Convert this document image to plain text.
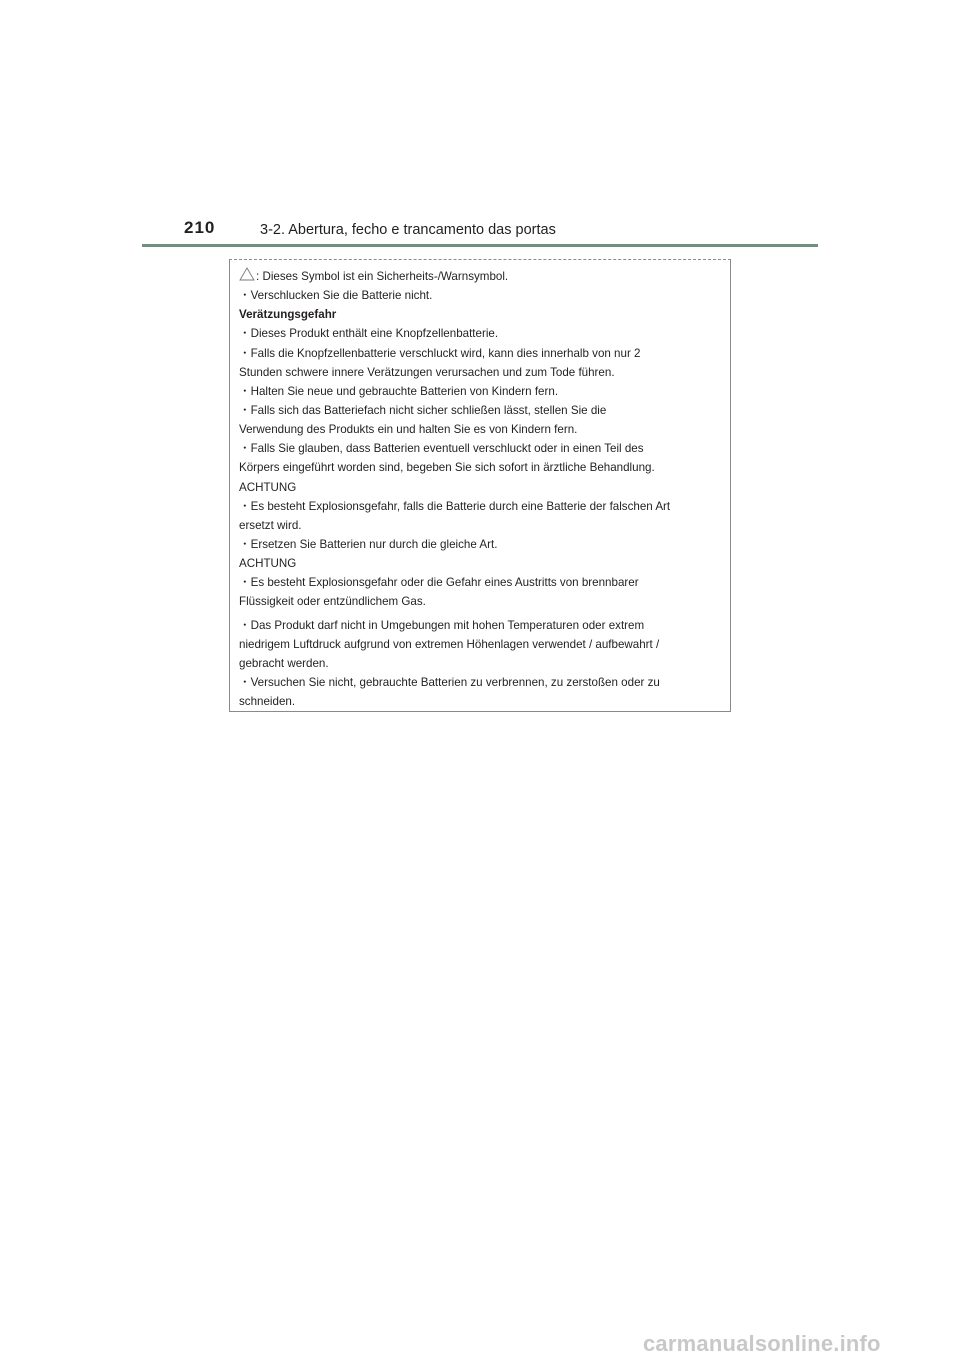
210	3-2. Abertura, fecho e trancamento das portas
: Dieses Symbol ist ein Sicherheits-/Warnsymbol.
・Verschlucken Sie die Batterie nicht.
Verätzungsgefahr
・Dieses Produkt enthält eine Knopfzellenbatterie.
・Falls die Knopfzellenbatterie verschluckt wird, kann dies innerhalb von nur 2
Stunden schwere innere Verätzungen verursachen und zum Tode führen.
・Halten Sie neue und gebrauchte Batterien von Kindern fern.
・Falls sich das Batteriefach nicht sicher schließen lässt, stellen Sie die
Verwendung des Produkts ein und halten Sie es von Kindern fern.
・Falls Sie glauben, dass Batterien eventuell verschluckt oder in einen Teil des
Körpers eingeführt worden sind, begeben Sie sich sofort in ärztliche Behandlung.
ACHTUNG
・Es besteht Explosionsgefahr, falls die Batterie durch eine Batterie der falschen Art
ersetzt wird.
・Ersetzen Sie Batterien nur durch die gleiche Art.
ACHTUNG
・Es besteht Explosionsgefahr oder die Gefahr eines Austritts von brennbarer
Flüssigkeit oder entzündlichem Gas.
・Das Produkt darf nicht in Umgebungen mit hohen Temperaturen oder extrem
niedrigem Luftdruck aufgrund von extremen Höhenlagen verwendet / aufbewahrt /
gebracht werden.
・Versuchen Sie nicht, gebrauchte Batterien zu verbrennen, zu zerstoßen oder zu
schneiden.
carmanualsonline.info
